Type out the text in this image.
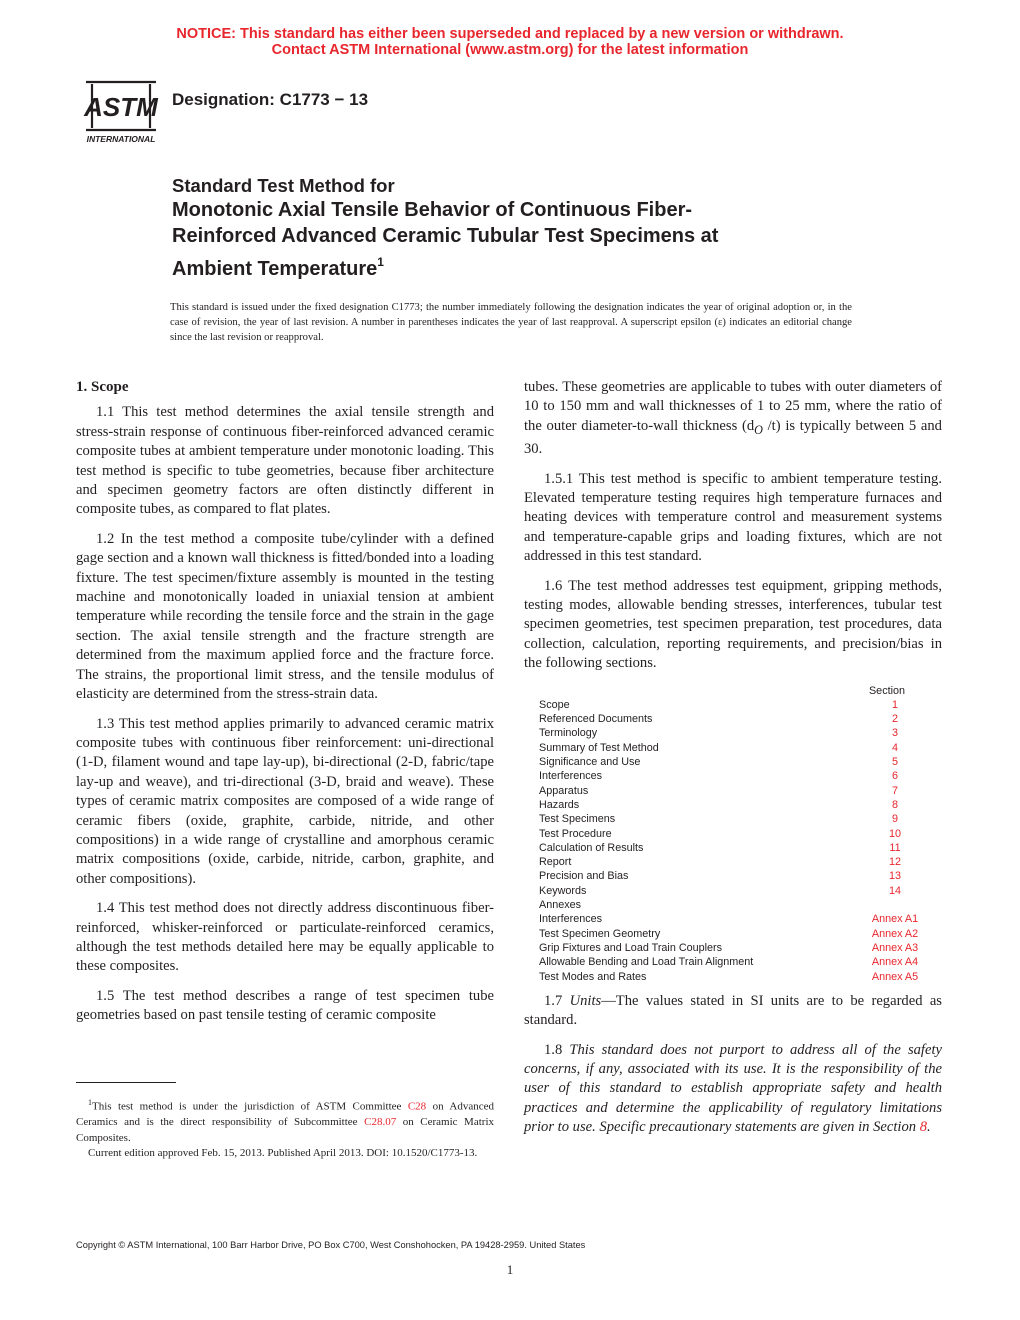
NOTICE: This standard has either been superseded and replaced by a new version or withdrawn.
Contact ASTM International (www.astm.org) for the latest information
ASTM
INTERNATIONAL
Designation: C1773 − 13
Standard Test Method for
Monotonic Axial Tensile Behavior of Continuous Fiber-
Reinforced Advanced Ceramic Tubular Test Specimens at
Ambient Temperature$^1$
This standard is issued under the fixed designation C1773; the number immediately following the designation indicates the year of original adoption or, in the case of revision, the year of last revision. A number in parentheses indicates the year of last reapproval. A superscript epsilon (ε) indicates an editorial change since the last revision or reapproval.
1. Scope

1.1 This test method determines the axial tensile strength and stress-strain response of continuous fiber-reinforced advanced ceramic composite tubes at ambient temperature under monotonic loading. This test method is specific to tube geometries, because fiber architecture and specimen geometry factors are often distinctly different in composite tubes, as compared to flat plates.

1.2 In the test method a composite tube/cylinder with a defined gage section and a known wall thickness is fitted/bonded into a loading fixture. The test specimen/fixture assembly is mounted in the testing machine and monotonically loaded in uniaxial tension at ambient temperature while recording the tensile force and the strain in the gage section. The axial tensile strength and the fracture strength are determined from the maximum applied force and the fracture force. The strains, the proportional limit stress, and the tensile modulus of elasticity are determined from the stress-strain data.

1.3 This test method applies primarily to advanced ceramic matrix composite tubes with continuous fiber reinforcement: uni-directional (1-D, filament wound and tape lay-up), bi-directional (2-D, fabric/tape lay-up and weave), and tri-directional (3-D, braid and weave). These types of ceramic matrix composites are composed of a wide range of ceramic fibers (oxide, graphite, carbide, nitride, and other compositions) in a wide range of crystalline and amorphous ceramic matrix compositions (oxide, carbide, nitride, carbon, graphite, and other compositions).

1.4 This test method does not directly address discontinuous fiber-reinforced, whisker-reinforced or particulate-reinforced ceramics, although the test methods detailed here may be equally applicable to these composites.

1.5 The test method describes a range of test specimen tube geometries based on past tensile testing of ceramic composite

tubes. These geometries are applicable to tubes with outer diameters of 10 to 150 mm and wall thicknesses of 1 to 25 mm, where the ratio of the outer diameter-to-wall thickness ($d_O$ /t) is typically between 5 and 30.

1.5.1 This test method is specific to ambient temperature testing. Elevated temperature testing requires high temperature furnaces and heating devices with temperature control and measurement systems and temperature-capable grips and loading fixtures, which are not addressed in this test standard.

1.6 The test method addresses test equipment, gripping methods, testing modes, allowable bending stresses, interferences, tubular test specimen geometries, test specimen preparation, test procedures, data collection, calculation, reporting requirements, and precision/bias in the following sections.

Section
Scope	1
Referenced Documents	2
Terminology	3
Summary of Test Method	4
Significance and Use	5
Interferences	6
Apparatus	7
Hazards	8
Test Specimens	9
Test Procedure	10
Calculation of Results	11
Report	12
Precision and Bias	13
Keywords	14
Annexes
Interferences	Annex A1
Test Specimen Geometry	Annex A2
Grip Fixtures and Load Train Couplers	Annex A3
Allowable Bending and Load Train Alignment	Annex A4
Test Modes and Rates	Annex A5

1.7 Units—The values stated in SI units are to be regarded as standard.

1.8 This standard does not purport to address all of the safety concerns, if any, associated with its use. It is the responsibility of the user of this standard to establish appropriate safety and health practices and determine the applicability of regulatory limitations prior to use. Specific precautionary statements are given in Section 8.

$^1$This test method is under the jurisdiction of ASTM Committee C28 on Advanced Ceramics and is the direct responsibility of Subcommittee C28.07 on Ceramic Matrix Composites.

Current edition approved Feb. 15, 2013. Published April 2013. DOI: 10.1520/C1773-13.

Copyright © ASTM International, 100 Barr Harbor Drive, PO Box C700, West Conshohocken, PA 19428-2959. United States
1
